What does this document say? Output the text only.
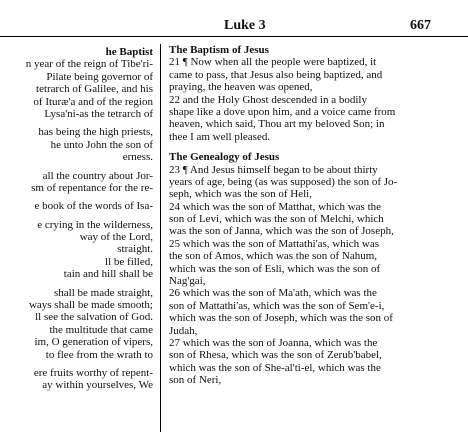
Luke 3	667
he Baptist
n year of the reign of Tibe'ri-
Pilate being governor of
tetrarch of Galilee, and his
of Ituræ'a and of the region
Lysa'ni-as the tetrarch of
has being the high priests,
he unto John the son of
erness.
all the country about Jor-
sm of repentance for the re-
e book of the words of Isa-
e crying in the wilderness,
way of the Lord,
straight.
ll be filled,
tain and hill shall be
shall be made straight,
ways shall be made smooth;
ll see the salvation of God.
the multitude that came
im, O generation of vipers,
to flee from the wrath to
ere fruits worthy of repent-
ay within yourselves, We
The Baptism of Jesus
21 ¶ Now when all the people were baptized, it
came to pass, that Jesus also being baptized, and
praying, the heaven was opened,
22 and the Holy Ghost descended in a bodily
shape like a dove upon him, and a voice came from
heaven, which said, Thou art my beloved Son; in
thee I am well pleased.
The Genealogy of Jesus
23 ¶ And Jesus himself began to be about thirty
years of age, being (as was supposed) the son of Jo-
seph, which was the son of Heli,
24 which was the son of Matthat, which was the
son of Levi, which was the son of Melchi, which
was the son of Janna, which was the son of Joseph,
25 which was the son of Mattathi'as, which was
the son of Amos, which was the son of Nahum,
which was the son of Esli, which was the son of
Nag'gai,
26 which was the son of Ma'ath, which was the
son of Mattathi'as, which was the son of Sem'e-i,
which was the son of Joseph, which was the son of
Judah,
27 which was the son of Joanna, which was the
son of Rhesa, which was the son of Zerub'babel,
which was the son of She-al'ti-el, which was the
son of Neri,
